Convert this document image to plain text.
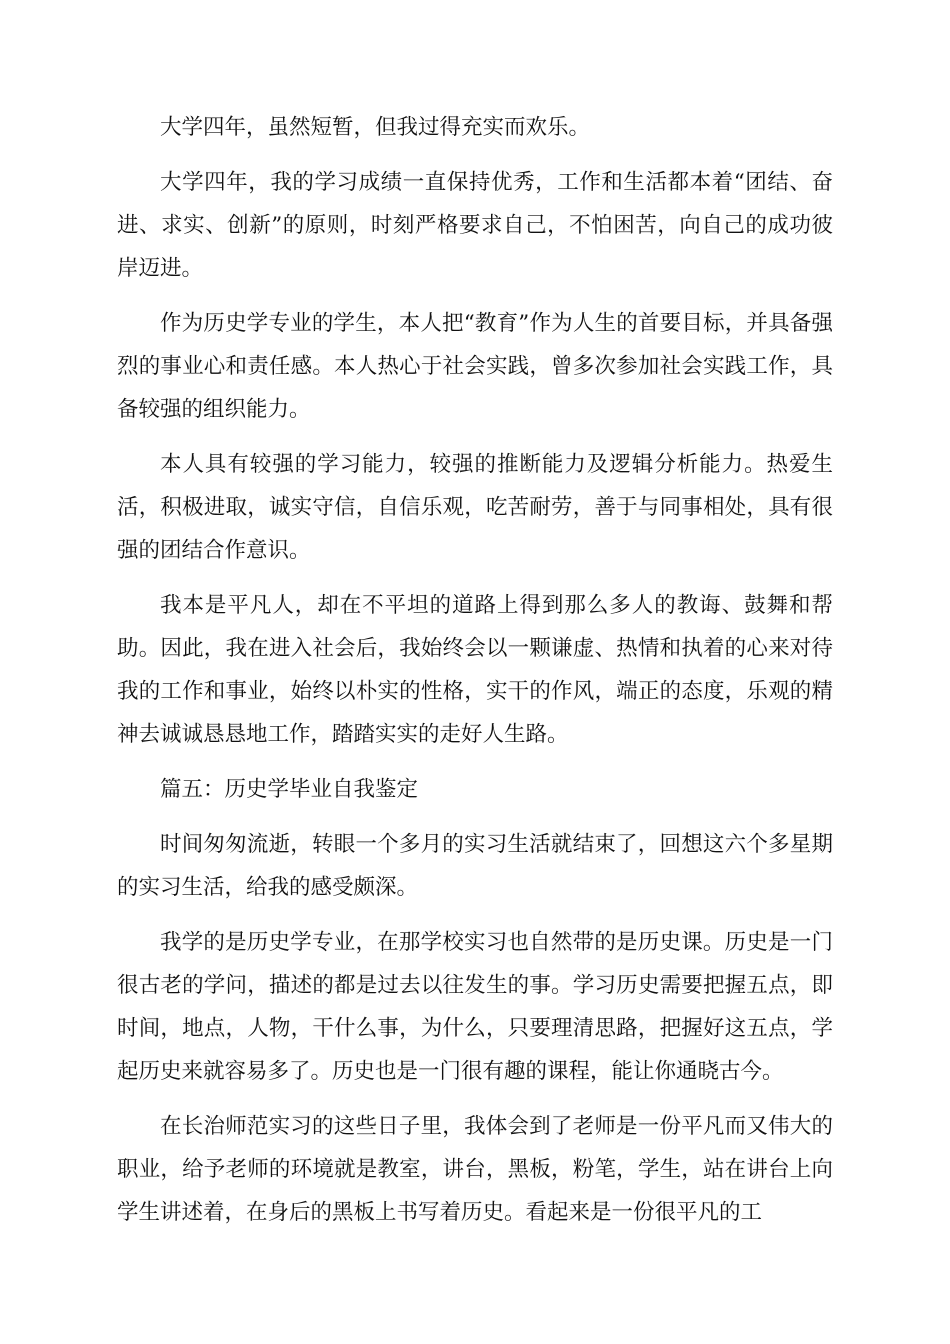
大学四年，虽然短暂，但我过得充实而欢乐。

大学四年，我的学习成绩一直保持优秀，工作和生活都本着“团结、奋进、求实、创新”的原则，时刻严格要求自己，不怕困苦，向自己的成功彼岸迈进。

作为历史学专业的学生，本人把“教育”作为人生的首要目标，并具备强烈的事业心和责任感。本人热心于社会实践，曾多次参加社会实践工作，具备较强的组织能力。

本人具有较强的学习能力，较强的推断能力及逻辑分析能力。热爱生活，积极进取，诚实守信，自信乐观，吃苦耐劳，善于与同事相处，具有很强的团结合作意识。

我本是平凡人，却在不平坦的道路上得到那么多人的教诲、鼓舞和帮助。因此，我在进入社会后，我始终会以一颗谦虚、热情和执着的心来对待我的工作和事业，始终以朴实的性格，实干的作风，端正的态度，乐观的精神去诚诚恳恳地工作，踏踏实实的走好人生路。

篇五：历史学毕业自我鉴定

时间匆匆流逝，转眼一个多月的实习生活就结束了，回想这六个多星期的实习生活，给我的感受颇深。

我学的是历史学专业，在那学校实习也自然带的是历史课。历史是一门很古老的学问，描述的都是过去以往发生的事。学习历史需要把握五点，即时间，地点，人物，干什么事，为什么，只要理清思路，把握好这五点，学起历史来就容易多了。历史也是一门很有趣的课程，能让你通晓古今。

在长治师范实习的这些日子里，我体会到了老师是一份平凡而又伟大的职业，给予老师的环境就是教室，讲台，黑板，粉笔，学生，站在讲台上向学生讲述着，在身后的黑板上书写着历史。看起来是一份很平凡的工
